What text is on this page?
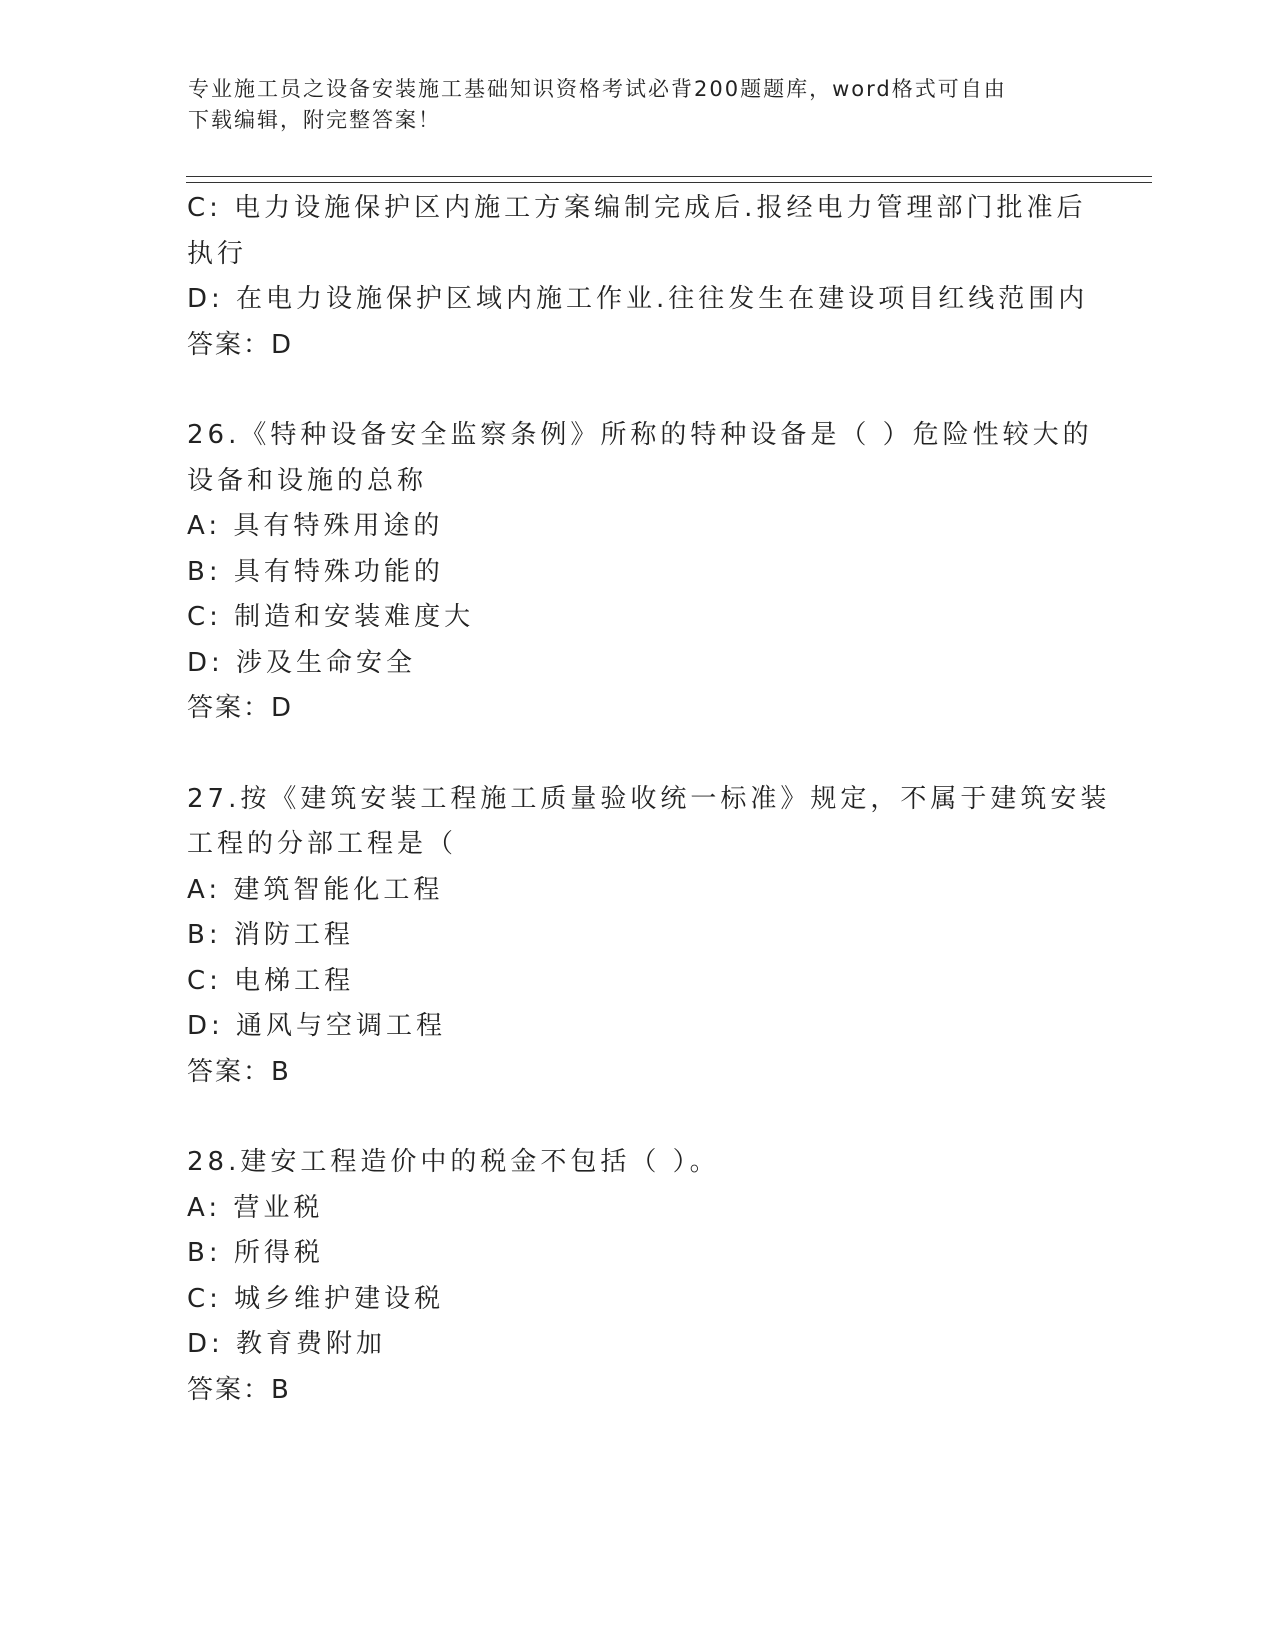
专业施工员之设备安装施工基础知识资格考试必背200题题库，word格式可自由
下载编辑，附完整答案！
C: 电力设施保护区内施工方案编制完成后.报经电力管理部门批准后
执行
D: 在电力设施保护区域内施工作业.往往发生在建设项目红线范围内
答案：D
26.《特种设备安全监察条例》所称的特种设备是（ ）危险性较大的
设备和设施的总称
A: 具有特殊用途的
B: 具有特殊功能的
C: 制造和安装难度大
D: 涉及生命安全
答案：D
27.按《建筑安装工程施工质量验收统一标准》规定，不属于建筑安装
工程的分部工程是（
A: 建筑智能化工程
B: 消防工程
C: 电梯工程
D: 通风与空调工程
答案：B
28.建安工程造价中的税金不包括（ ）。
A: 营业税
B: 所得税
C: 城乡维护建设税
D: 教育费附加
答案：B
